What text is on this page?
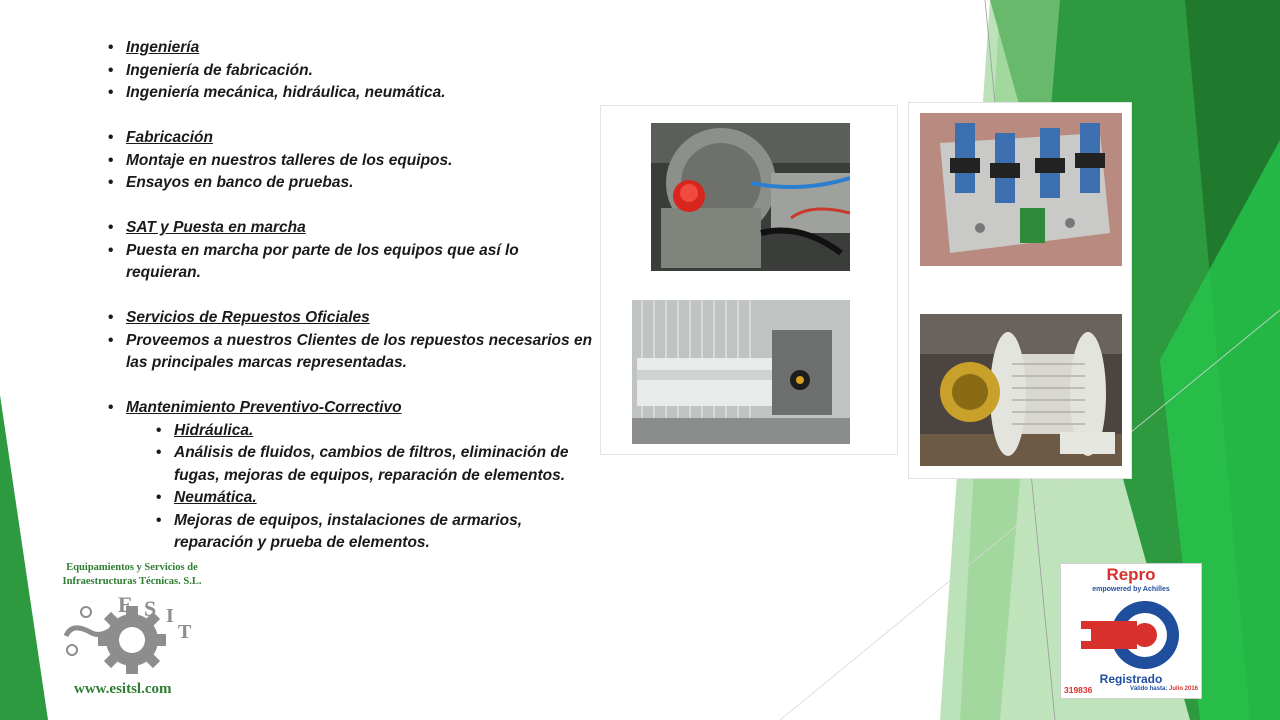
• Ingeniería
• Ingeniería de fabricación.
• Ingeniería mecánica, hidráulica, neumática.
• Fabricación
• Montaje en nuestros talleres de los equipos.
• Ensayos en banco de pruebas.
• SAT y Puesta en marcha
• Puesta en marcha por parte de los equipos que así lo requieran.
• Servicios de Repuestos Oficiales
• Proveemos a nuestros Clientes de los repuestos necesarios en las principales marcas representadas.
• Mantenimiento Preventivo-Correctivo
• Hidráulica.
• Análisis de fluidos, cambios de filtros, eliminación de fugas, mejoras de equipos, reparación de elementos.
• Neumática.
• Mejoras de equipos, instalaciones de armarios, reparación y prueba de elementos.
Equipamientos y Servicios de
Infraestructuras Técnicas. S.L.
E S I
T
www.esitsl.com
Repro
empowered by Achilles
Registrado
319836	Válido hasta: Julio 2016
